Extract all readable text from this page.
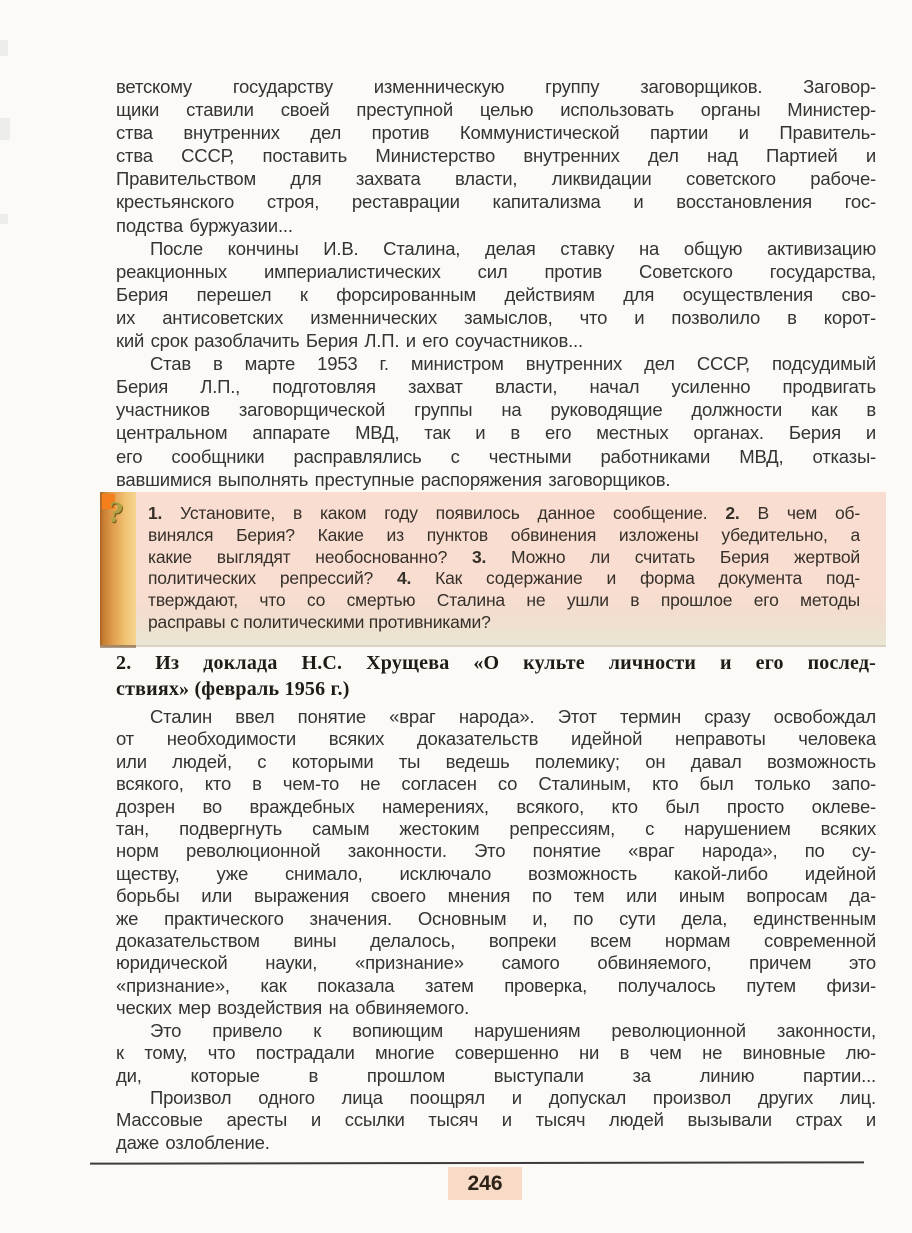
ветскому государству изменническую группу заговорщиков. Заговор-
щики ставили своей преступной целью использовать органы Министер-
ства внутренних дел против Коммунистической партии и Правитель-
ства СССР, поставить Министерство внутренних дел над Партией и
Правительством для захвата власти, ликвидации советского рабоче-
крестьянского строя, реставрации капитализма и восстановления гос-
подства буржуазии...
После кончины И.В. Сталина, делая ставку на общую активизацию
реакционных империалистических сил против Советского государства,
Берия перешел к форсированным действиям для осуществления сво-
их антисоветских изменнических замыслов, что и позволило в корот-
кий срок разоблачить Берия Л.П. и его соучастников...
Став в марте 1953 г. министром внутренних дел СССР, подсудимый
Берия Л.П., подготовляя захват власти, начал усиленно продвигать
участников заговорщической группы на руководящие должности как в
центральном аппарате МВД, так и в его местных органах. Берия и
его сообщники расправлялись с честными работниками МВД, отказы-
вавшимися выполнять преступные распоряжения заговорщиков.
? 1. Установите, в каком году появилось данное сообщение. 2. В чем об-
винялся Берия? Какие из пунктов обвинения изложены убедительно, а
какие выглядят необоснованно? 3. Можно ли считать Берия жертвой
политических репрессий? 4. Как содержание и форма документа под-
тверждают, что со смертью Сталина не ушли в прошлое его методы
расправы с политическими противниками?
2. Из доклада Н.С. Хрущева «О культе личности и его послед-
ствиях» (февраль 1956 г.)
Сталин ввел понятие «враг народа». Этот термин сразу освобождал
от необходимости всяких доказательств идейной неправоты человека
или людей, с которыми ты ведешь полемику; он давал возможность
всякого, кто в чем-то не согласен со Сталиным, кто был только запо-
дозрен во враждебных намерениях, всякого, кто был просто оклеве-
тан, подвергнуть самым жестоким репрессиям, с нарушением всяких
норм революционной законности. Это понятие «враг народа», по су-
ществу, уже снимало, исключало возможность какой-либо идейной
борьбы или выражения своего мнения по тем или иным вопросам да-
же практического значения. Основным и, по сути дела, единственным
доказательством вины делалось, вопреки всем нормам современной
юридической науки, «признание» самого обвиняемого, причем это
«признание», как показала затем проверка, получалось путем физи-
ческих мер воздействия на обвиняемого.
Это привело к вопиющим нарушениям революционной законности,
к тому, что пострадали многие совершенно ни в чем не виновные лю-
ди, которые в прошлом выступали за линию партии...
Произвол одного лица поощрял и допускал произвол других лиц.
Массовые аресты и ссылки тысяч и тысяч людей вызывали страх и
даже озлобление.
246
